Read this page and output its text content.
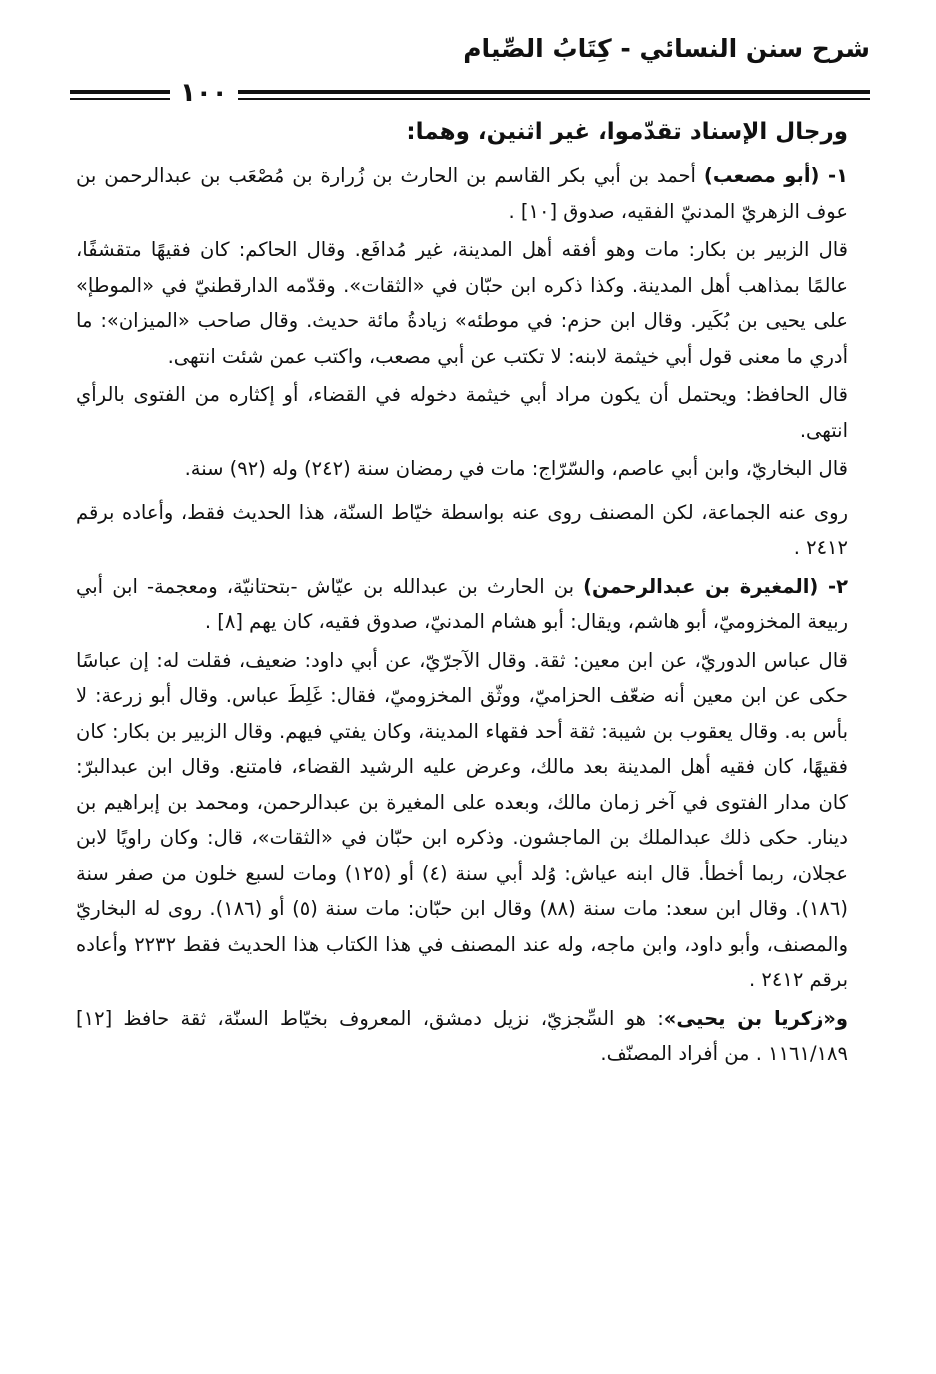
شرح سنن النسائي - كِتَابُ الصِّيام
١٠٠

ورجال الإسناد تقدّموا، غير اثنين، وهما:

١- (أبو مصعب) أحمد بن أبي بكر القاسم بن الحارث بن زُرارة بن مُصْعَب بن عبدالرحمن بن عوف الزهريّ المدنيّ الفقيه، صدوق [١٠] .

قال الزبير بن بكار: مات وهو أفقه أهل المدينة، غير مُدافَع. وقال الحاكم: كان فقيهًا متقشفًا، عالمًا بمذاهب أهل المدينة. وكذا ذكره ابن حبّان في «الثقات». وقدّمه الدارقطنيّ في «الموطإ» على يحيى بن بُكَير. وقال ابن حزم: في موطئه» زيادةُ مائة حديث. وقال صاحب «الميزان»: ما أدري ما معنى قول أبي خيثمة لابنه: لا تكتب عن أبي مصعب، واكتب عمن شئت انتهى.

قال الحافظ: ويحتمل أن يكون مراد أبي خيثمة دخوله في القضاء، أو إكثاره من الفتوى بالرأي انتهى.

قال البخاريّ، وابن أبي عاصم، والسّرّاج: مات في رمضان سنة (٢٤٢) وله (٩٢) سنة.

روى عنه الجماعة، لكن المصنف روى عنه بواسطة خيّاط السنّة، هذا الحديث فقط، وأعاده برقم ٢٤١٢ .

٢- (المغيرة بن عبدالرحمن) بن الحارث بن عبدالله بن عيّاش -بتحتانيّة، ومعجمة- ابن أبي ربيعة المخزوميّ، أبو هاشم، ويقال: أبو هشام المدنيّ، صدوق فقيه، كان يهم [٨] .

قال عباس الدوريّ، عن ابن معين: ثقة. وقال الآجرّيّ، عن أبي داود: ضعيف، فقلت له: إن عباسًا حكى عن ابن معين أنه ضعّف الحزاميّ، ووثّق المخزوميّ، فقال: غَلِطَ عباس. وقال أبو زرعة: لا بأس به. وقال يعقوب بن شيبة: ثقة أحد فقهاء المدينة، وكان يفتي فيهم. وقال الزبير بن بكار: كان فقيهًا، كان فقيه أهل المدينة بعد مالك، وعرض عليه الرشيد القضاء، فامتنع. وقال ابن عبدالبرّ: كان مدار الفتوى في آخر زمان مالك، وبعده على المغيرة بن عبدالرحمن، ومحمد بن إبراهيم بن دينار. حكى ذلك عبدالملك بن الماجشون. وذكره ابن حبّان في «الثقات»، قال: وكان راويًا لابن عجلان، ربما أخطأ. قال ابنه عياش: وُلد أبي سنة (٤) أو (١٢٥) ومات لسبع خلون من صفر سنة (١٨٦). وقال ابن سعد: مات سنة (٨٨) وقال ابن حبّان: مات سنة (٥) أو (١٨٦). روى له البخاريّ والمصنف، وأبو داود، وابن ماجه، وله عند المصنف في هذا الكتاب هذا الحديث فقط ٢٢٣٢ وأعاده برقم ٢٤١٢ .

و«زكريا بن يحيى»: هو السِّجزيّ، نزيل دمشق، المعروف بخيّاط السنّة، ثقة حافظ [١٢] ١١٦١/١٨٩ . من أفراد المصنّف.
